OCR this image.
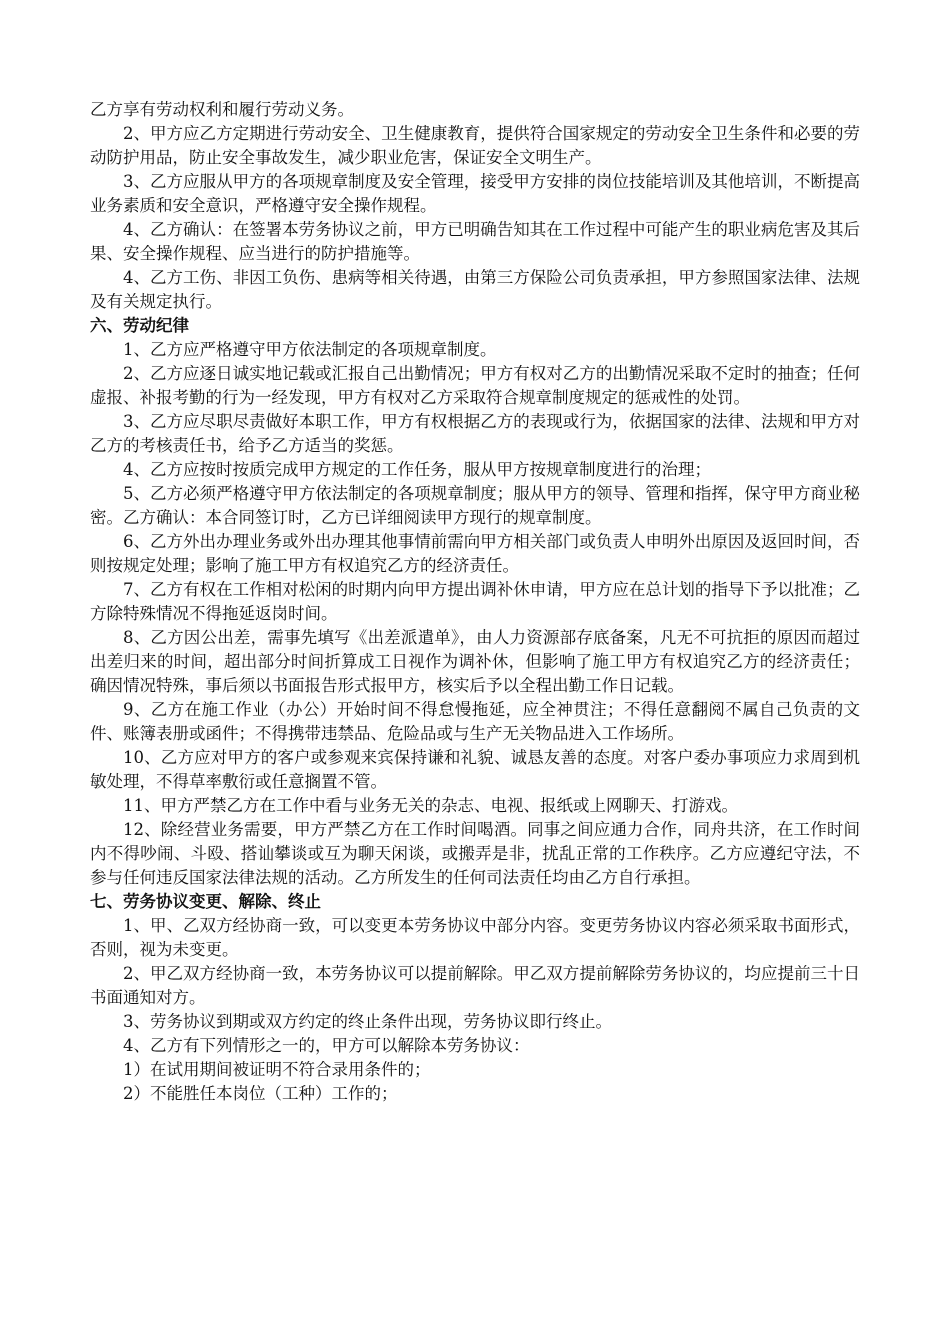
乙方享有劳动权利和履行劳动义务。

2、甲方应乙方定期进行劳动安全、卫生健康教育，提供符合国家规定的劳动安全卫生条件和必要的劳动防护用品，防止安全事故发生，减少职业危害，保证安全文明生产。

3、乙方应服从甲方的各项规章制度及安全管理，接受甲方安排的岗位技能培训及其他培训，不断提高业务素质和安全意识，严格遵守安全操作规程。

4、乙方确认：在签署本劳务协议之前，甲方已明确告知其在工作过程中可能产生的职业病危害及其后果、安全操作规程、应当进行的防护措施等。

4、乙方工伤、非因工负伤、患病等相关待遇，由第三方保险公司负责承担，甲方参照国家法律、法规及有关规定执行。

六、劳动纪律

1、乙方应严格遵守甲方依法制定的各项规章制度。

2、乙方应逐日诚实地记载或汇报自己出勤情况；甲方有权对乙方的出勤情况采取不定时的抽查；任何虚报、补报考勤的行为一经发现，甲方有权对乙方采取符合规章制度规定的惩戒性的处罚。

3、乙方应尽职尽责做好本职工作，甲方有权根据乙方的表现或行为，依据国家的法律、法规和甲方对乙方的考核责任书，给予乙方适当的奖惩。

4、乙方应按时按质完成甲方规定的工作任务，服从甲方按规章制度进行的治理；

5、乙方必须严格遵守甲方依法制定的各项规章制度；服从甲方的领导、管理和指挥，保守甲方商业秘密。乙方确认：本合同签订时，乙方已详细阅读甲方现行的规章制度。

6、乙方外出办理业务或外出办理其他事情前需向甲方相关部门或负责人申明外出原因及返回时间，否则按规定处理；影响了施工甲方有权追究乙方的经济责任。

7、乙方有权在工作相对松闲的时期内向甲方提出调补休申请，甲方应在总计划的指导下予以批准；乙方除特殊情况不得拖延返岗时间。

8、乙方因公出差，需事先填写《出差派遣单》，由人力资源部存底备案，凡无不可抗拒的原因而超过出差归来的时间，超出部分时间折算成工日视作为调补休，但影响了施工甲方有权追究乙方的经济责任；确因情况特殊，事后须以书面报告形式报甲方，核实后予以全程出勤工作日记载。

9、乙方在施工作业（办公）开始时间不得怠慢拖延，应全神贯注；不得任意翻阅不属自己负责的文件、账簿表册或函件；不得携带违禁品、危险品或与生产无关物品进入工作场所。

10、乙方应对甲方的客户或参观来宾保持谦和礼貌、诚恳友善的态度。对客户委办事项应力求周到机敏处理，不得草率敷衍或任意搁置不管。

11、甲方严禁乙方在工作中看与业务无关的杂志、电视、报纸或上网聊天、打游戏。

12、除经营业务需要，甲方严禁乙方在工作时间喝酒。同事之间应通力合作，同舟共济，在工作时间内不得吵闹、斗殴、搭讪攀谈或互为聊天闲谈，或搬弄是非，扰乱正常的工作秩序。乙方应遵纪守法，不参与任何违反国家法律法规的活动。乙方所发生的任何司法责任均由乙方自行承担。

七、劳务协议变更、解除、终止

1、甲、乙双方经协商一致，可以变更本劳务协议中部分内容。变更劳务协议内容必须采取书面形式，否则，视为未变更。

2、甲乙双方经协商一致，本劳务协议可以提前解除。甲乙双方提前解除劳务协议的，均应提前三十日书面通知对方。

3、劳务协议到期或双方约定的终止条件出现，劳务协议即行终止。

4、乙方有下列情形之一的，甲方可以解除本劳务协议：

1）在试用期间被证明不符合录用条件的；

2）不能胜任本岗位（工种）工作的；
